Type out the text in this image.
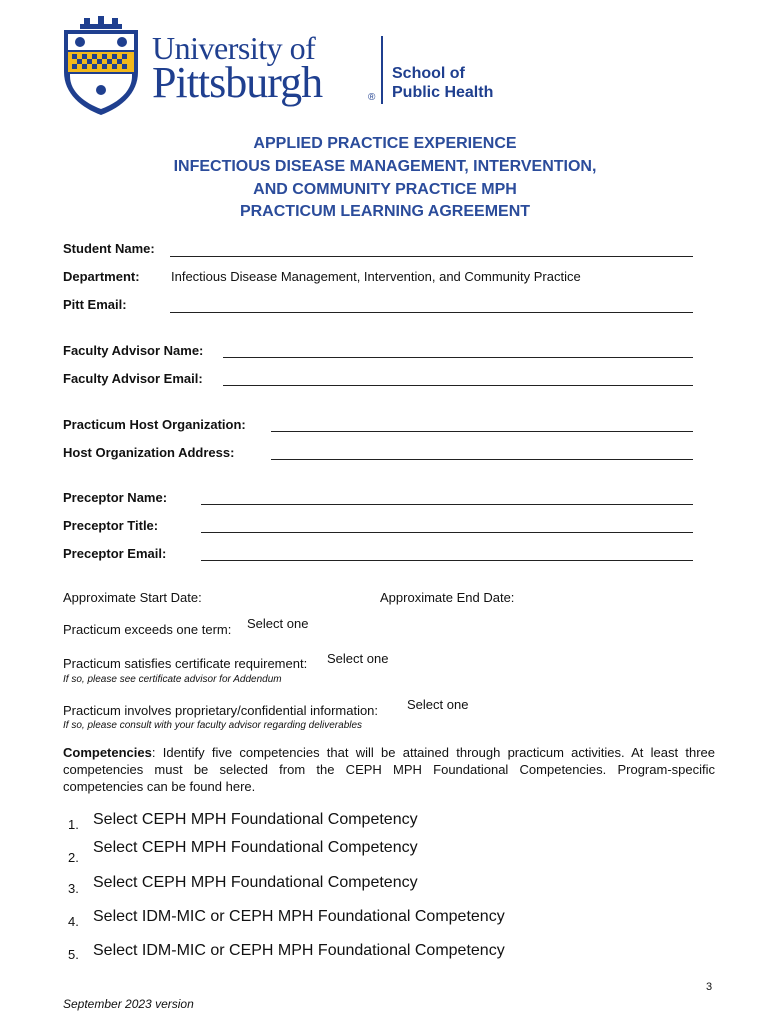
University of
Pittsburgh	®
School of
Public Health
APPLIED PRACTICE EXPERIENCE
INFECTIOUS DISEASE MANAGEMENT, INTERVENTION,
AND COMMUNITY PRACTICE MPH
PRACTICUM LEARNING AGREEMENT
Student Name:
Department: Infectious Disease Management, Intervention, and Community Practice
Pitt Email:
Faculty Advisor Name:
Faculty Advisor Email:
Practicum Host Organization:
Host Organization Address:
Preceptor Name:
Preceptor Title:
Preceptor Email:
Approximate Start Date:	Approximate End Date:
Practicum exceeds one term: Select one
Practicum satisfies certificate requirement: Select one
If so, please see certificate advisor for Addendum
Practicum involves proprietary/confidential information: Select one
If so, please consult with your faculty advisor regarding deliverables
Competencies: Identify five competencies that will be attained through practicum activities. At least three competencies must be selected from the CEPH MPH Foundational Competencies. Program-specific competencies can be found here.
1. Select CEPH MPH Foundational Competency
2.
Select CEPH MPH Foundational Competency
3. Select CEPH MPH Foundational Competency
4. Select IDM-MIC or CEPH MPH Foundational Competency
5. Select IDM-MIC or CEPH MPH Foundational Competency
3
September 2023 version
